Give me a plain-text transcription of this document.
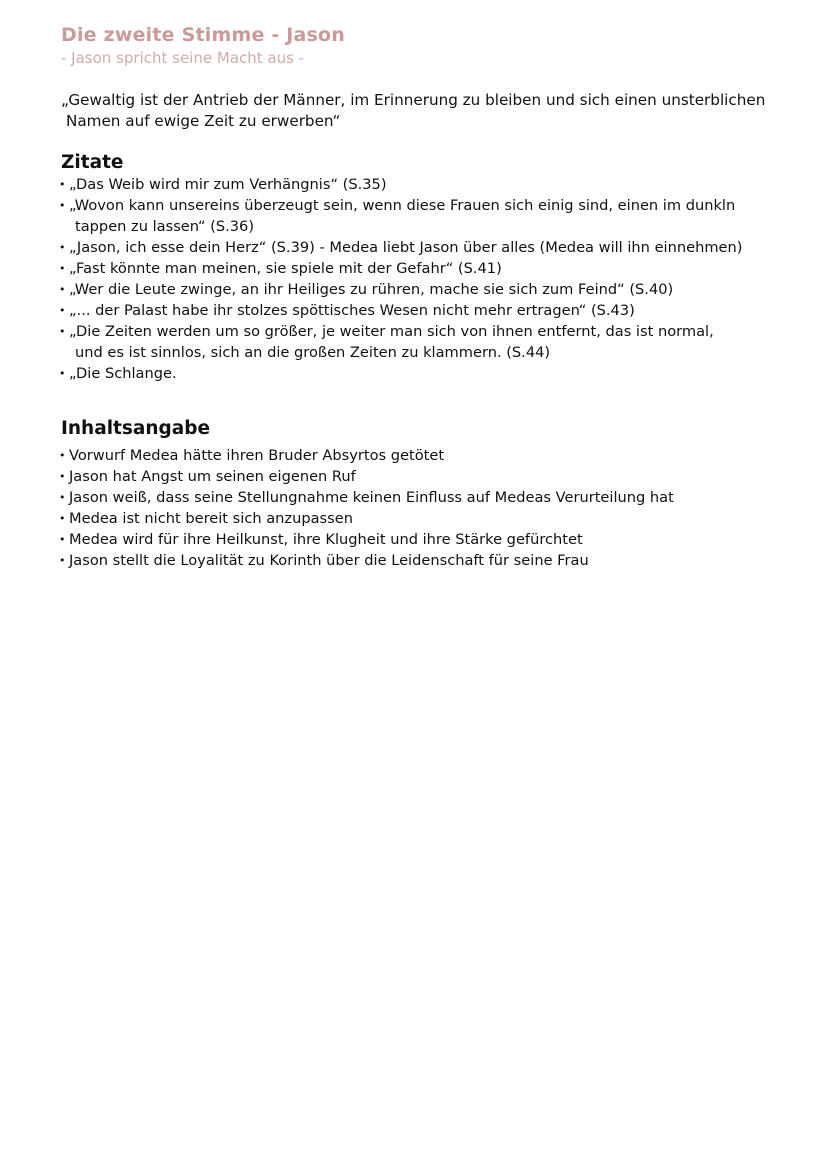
Die zweite Stimme - Jason
- Jason spricht seine Macht aus -
„Gewaltig ist der Antrieb der Männer, im Erinnerung zu bleiben und sich einen unsterblichen
Namen auf ewige Zeit zu erwerben“
Zitate
• „Das Weib wird mir zum Verhängnis“ (S.35)
• „Wovon kann unsereins überzeugt sein, wenn diese Frauen sich einig sind, einen im dunkln
tappen zu lassen“ (S.36)
• „Jason, ich esse dein Herz“ (S.39) - Medea liebt Jason über alles (Medea will ihn einnehmen)
• „Fast könnte man meinen, sie spiele mit der Gefahr“ (S.41)
• „Wer die Leute zwinge, an ihr Heiliges zu rühren, mache sie sich zum Feind“ (S.40)
• „... der Palast habe ihr stolzes spöttisches Wesen nicht mehr ertragen“ (S.43)
• „Die Zeiten werden um so größer, je weiter man sich von ihnen entfernt, das ist normal,
und es ist sinnlos, sich an die großen Zeiten zu klammern. (S.44)
• „Die Schlange.
Inhaltsangabe
• Vorwurf Medea hätte ihren Bruder Absyrtos getötet
• Jason hat Angst um seinen eigenen Ruf
• Jason weiß, dass seine Stellungnahme keinen Einfluss auf Medeas Verurteilung hat
• Medea ist nicht bereit sich anzupassen
• Medea wird für ihre Heilkunst, ihre Klugheit und ihre Stärke gefürchtet
• Jason stellt die Loyalität zu Korinth über die Leidenschaft für seine Frau
